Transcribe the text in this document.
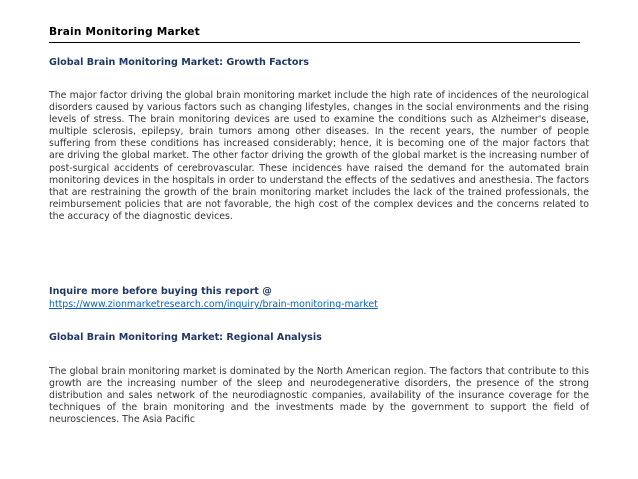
Brain Monitoring Market
Global Brain Monitoring Market: Growth Factors

The major factor driving the global brain monitoring market include the high rate of incidences of the neurological disorders caused by various factors such as changing lifestyles, changes in the social environments and the rising levels of stress. The brain monitoring devices are used to examine the conditions such as Alzheimer's disease, multiple sclerosis, epilepsy, brain tumors among other diseases. In the recent years, the number of people suffering from these conditions has increased considerably; hence, it is becoming one of the major factors that are driving the global market. The other factor driving the growth of the global market is the increasing number of post-surgical accidents of cerebrovascular. These incidences have raised the demand for the automated brain monitoring devices in the hospitals in order to understand the effects of the sedatives and anesthesia. The factors that are restraining the growth of the brain monitoring market includes the lack of the trained professionals, the reimbursement policies that are not favorable, the high cost of the complex devices and the concerns related to the accuracy of the diagnostic devices.

Inquire more before buying this report @
https://www.zionmarketresearch.com/inquiry/brain-monitoring-market
Global Brain Monitoring Market: Regional Analysis

The global brain monitoring market is dominated by the North American region. The factors that contribute to this growth are the increasing number of the sleep and neurodegenerative disorders, the presence of the strong distribution and sales network of the neurodiagnostic companies, availability of the insurance coverage for the techniques of the brain monitoring and the investments made by the government to support the field of neurosciences. The Asia Pacific
